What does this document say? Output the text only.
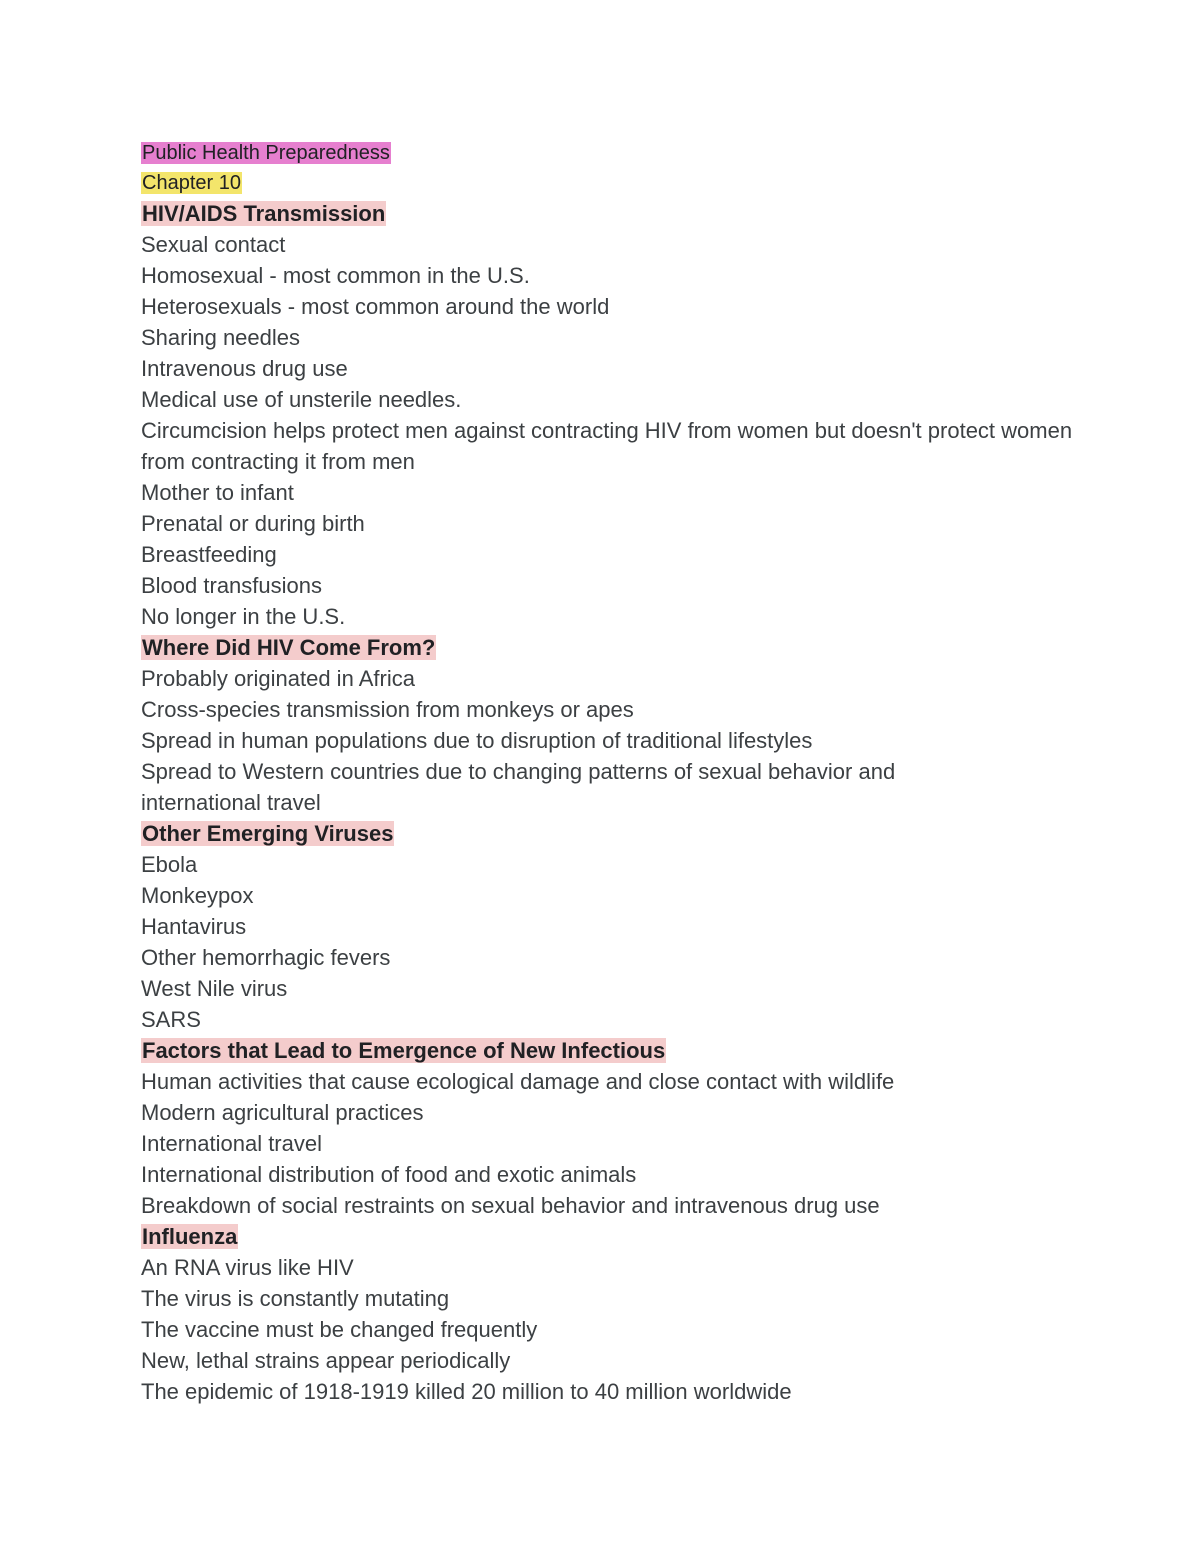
Public Health Preparedness
Chapter 10
HIV/AIDS Transmission
Sexual contact
Homosexual - most common in the U.S.
Heterosexuals - most common around the world
Sharing needles
Intravenous drug use
Medical use of unsterile needles.
Circumcision helps protect men against contracting HIV from women but doesn't protect women from contracting it from men
Mother to infant
Prenatal or during birth
Breastfeeding
Blood transfusions
No longer in the U.S.
Where Did HIV Come From?
Probably originated in Africa
Cross-species transmission from monkeys or apes
Spread in human populations due to disruption of traditional lifestyles
Spread to Western countries due to changing patterns of sexual behavior and international travel
Other Emerging Viruses
Ebola
Monkeypox
Hantavirus
Other hemorrhagic fevers
West Nile virus
SARS
Factors that Lead to Emergence of New Infectious
Human activities that cause ecological damage and close contact with wildlife
Modern agricultural practices
International travel
International distribution of food and exotic animals
Breakdown of social restraints on sexual behavior and intravenous drug use
Influenza
An RNA virus like HIV
The virus is constantly mutating
The vaccine must be changed frequently
New, lethal strains appear periodically
The epidemic of 1918-1919 killed 20 million to 40 million worldwide
